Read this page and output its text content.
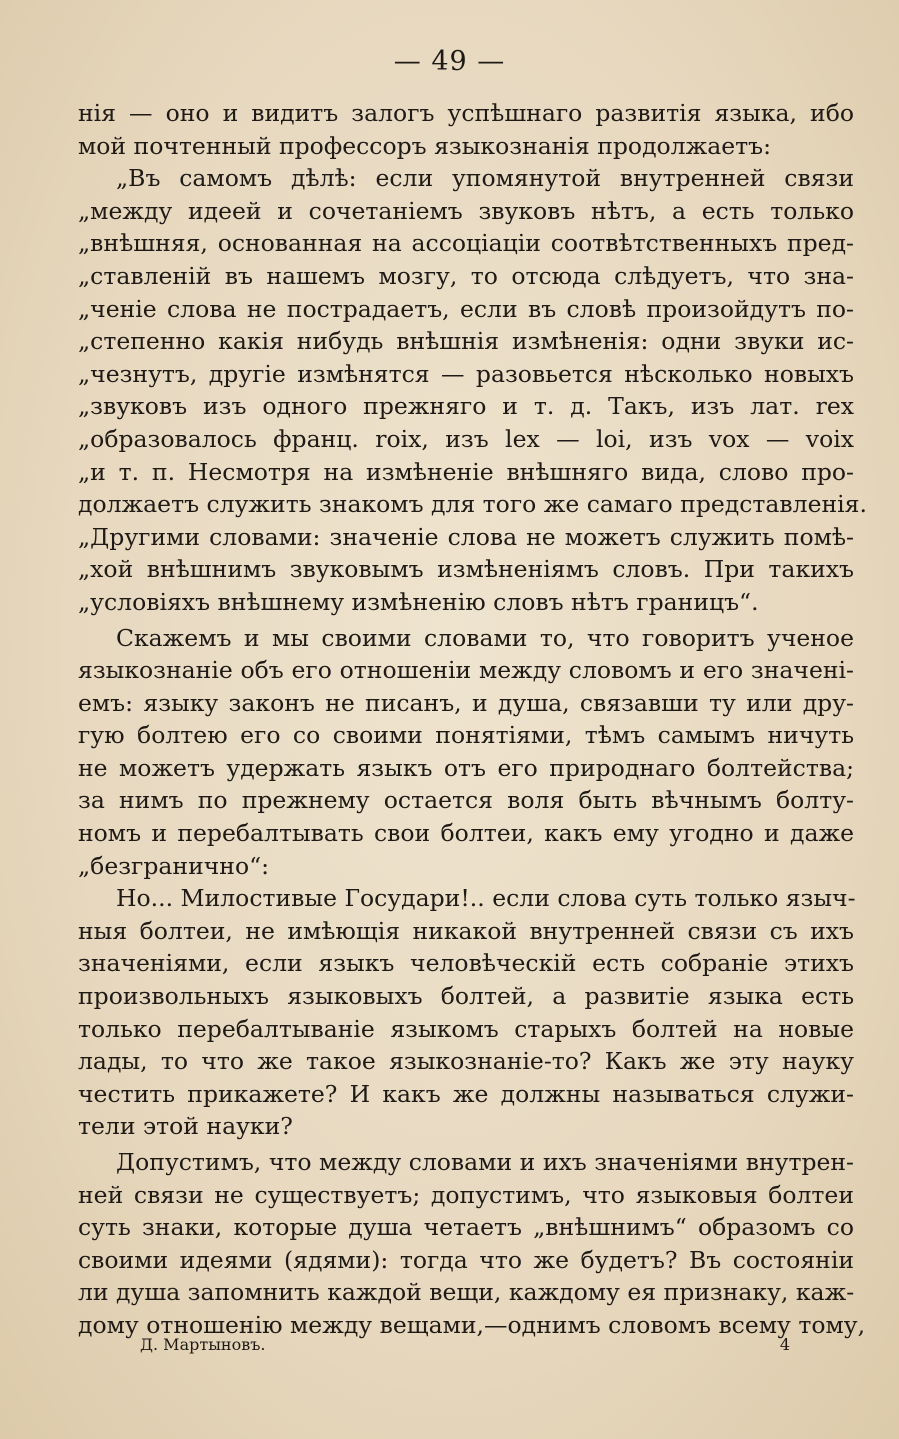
— 49 —
нія — оно и видитъ залогъ успѣшнаго развитія языка, ибо
мой почтенный профессоръ языкознанія продолжаетъ:
„Въ самомъ дѣлѣ: если упомянутой внутренней связи
„между идеей и сочетаніемъ звуковъ нѣтъ, а есть только
„внѣшняя, основанная на ассоціаціи соотвѣтственныхъ пред-
„ставленій въ нашемъ мозгу, то отсюда слѣдуетъ, что зна-
„ченіе слова не пострадаетъ, если въ словѣ произойдутъ по-
„степенно какія нибудь внѣшнія измѣненія: одни звуки ис-
„чезнутъ, другіе измѣнятся — разовьется нѣсколько новыхъ
„звуковъ изъ одного прежняго и т. д. Такъ, изъ лат. rex
„образовалось франц. roix, изъ lex — loi, изъ vox — voix
„и т. п. Несмотря на измѣненіе внѣшняго вида, слово про-
должаетъ служить знакомъ для того же самаго представленія.
„Другими словами: значеніе слова не можетъ служить помѣ-
„хой внѣшнимъ звуковымъ измѣненіямъ словъ. При такихъ
„условіяхъ внѣшнему измѣненію словъ нѣтъ границъ“.
Скажемъ и мы своими словами то, что говоритъ ученое
языкознаніе объ его отношеніи между словомъ и его значені-
емъ: языку законъ не писанъ, и душа, связавши ту или дру-
гую болтею его со своими понятіями, тѣмъ самымъ ничуть
не можетъ удержать языкъ отъ его природнаго болтейства;
за нимъ по прежнему остается воля быть вѣчнымъ болту-
номъ и перебалтывать свои болтеи, какъ ему угодно и даже
„безгранично“:
Но... Милостивые Государи!.. если слова суть только языч-
ныя болтеи, не имѣющія никакой внутренней связи съ ихъ
значеніями, если языкъ человѣческій есть собраніе этихъ
произвольныхъ языковыхъ болтей, а развитіе языка есть
только перебалтываніе языкомъ старыхъ болтей на новые
лады, то что же такое языкознаніе-то? Какъ же эту науку
честить прикажете? И какъ же должны называться служи-
тели этой науки?
Допустимъ, что между словами и ихъ значеніями внутрен-
ней связи не существуетъ; допустимъ, что языковыя болтеи
суть знаки, которые душа четаетъ „внѣшнимъ“ образомъ со
своими идеями (ядями): тогда что же будетъ? Въ состояніи
ли душа запомнить каждой вещи, каждому ея признаку, каж-
дому отношенію между вещами,—однимъ словомъ всему тому,
Д. Мартыновъ.	4
